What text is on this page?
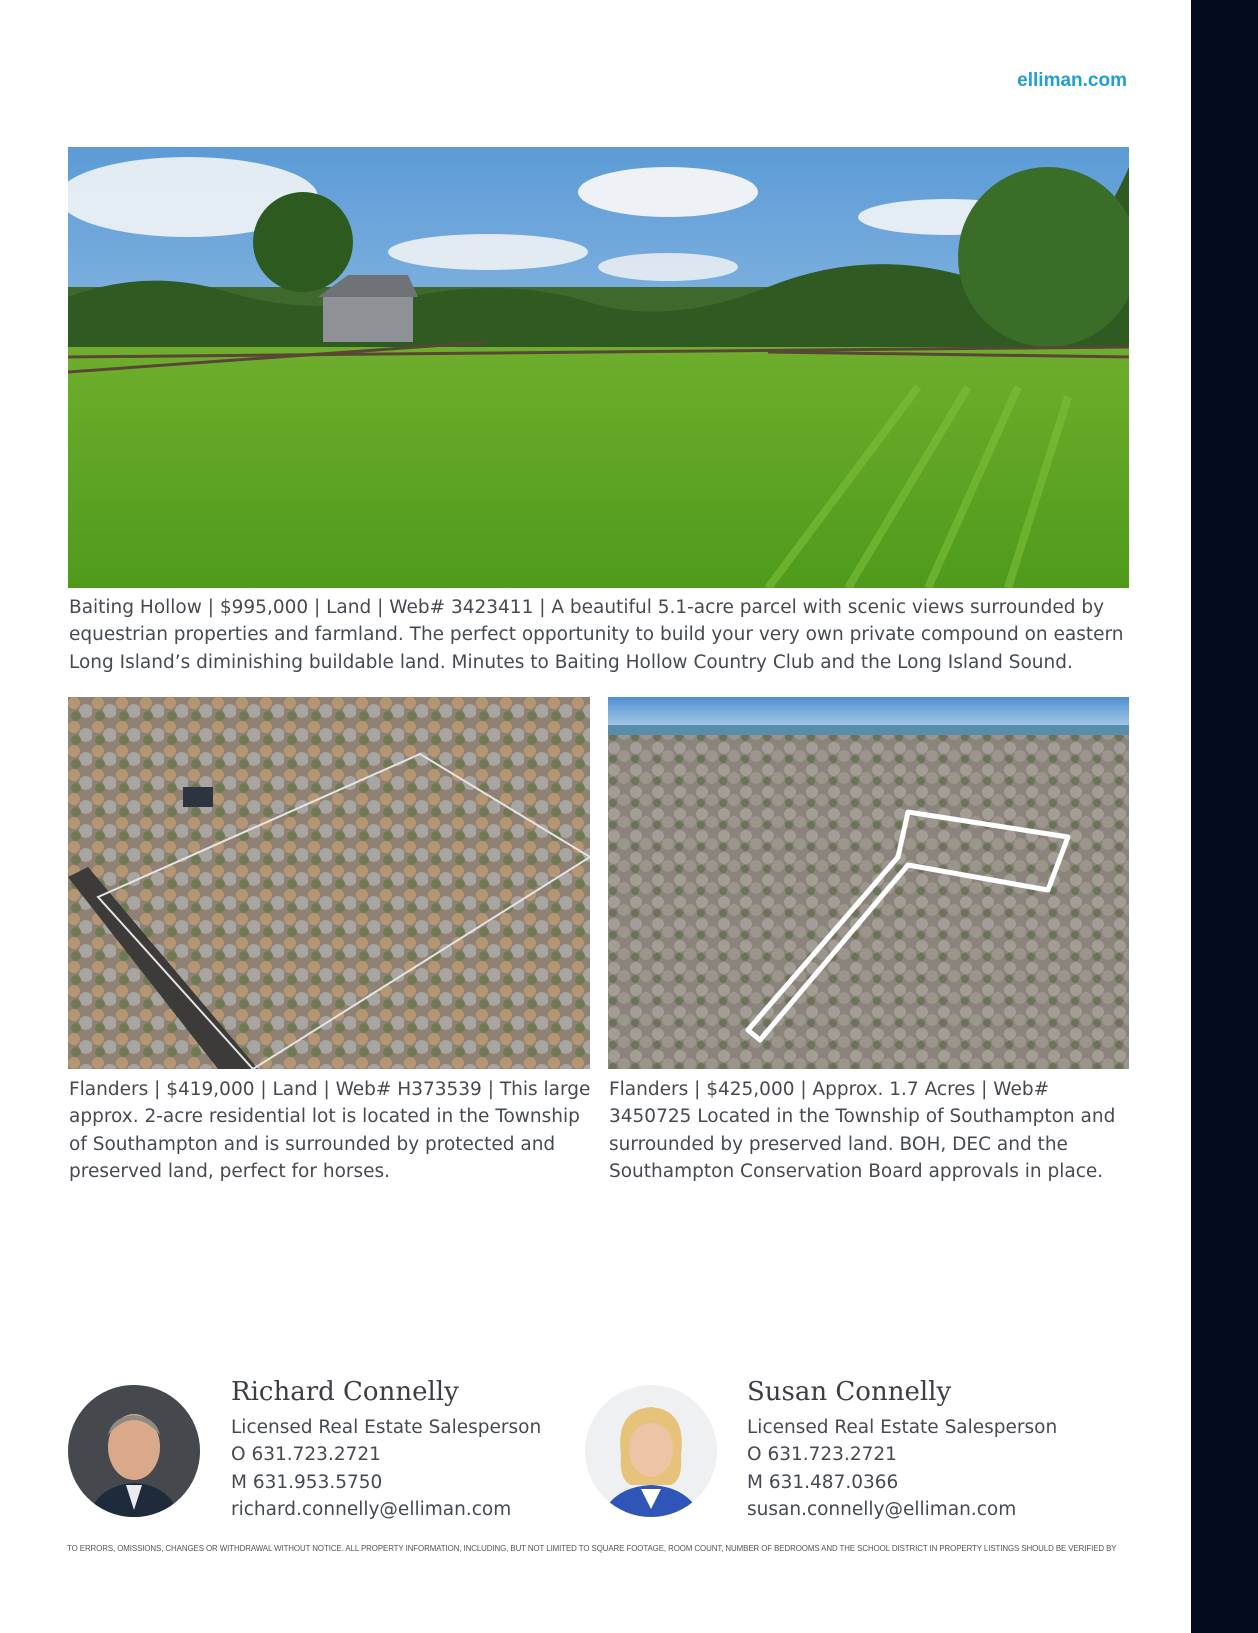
elliman.com

Baiting Hollow | $995,000 | Land | Web# 3423411 | A beautiful 5.1-acre parcel with scenic views surrounded by equestrian properties and farmland. The perfect opportunity to build your very own private compound on eastern Long Island’s diminishing buildable land. Minutes to Baiting Hollow Country Club and the Long Island Sound.

Flanders | $419,000 | Land | Web# H373539 | This large approx. 2-acre residential lot is located in the Township of Southampton and is surrounded by protected and preserved land, perfect for horses.

Flanders | $425,000 | Approx. 1.7 Acres | Web# 3450725 Located in the Township of Southampton and surrounded by preserved land. BOH, DEC and the Southampton Conservation Board approvals in place.

Richard Connelly
Licensed Real Estate Salesperson
O 631.723.2721
M 631.953.5750
richard.connelly@elliman.com
Susan Connelly
Licensed Real Estate Salesperson
O 631.723.2721
M 631.487.0366
susan.connelly@elliman.com
TO ERRORS, OMISSIONS, CHANGES OR WITHDRAWAL WITHOUT NOTICE. ALL PROPERTY INFORMATION, INCLUDING, BUT NOT LIMITED TO SQUARE FOOTAGE, ROOM COUNT, NUMBER OF BEDROOMS AND THE SCHOOL DISTRICT IN PROPERTY LISTINGS SHOULD BE VERIFIED BY
